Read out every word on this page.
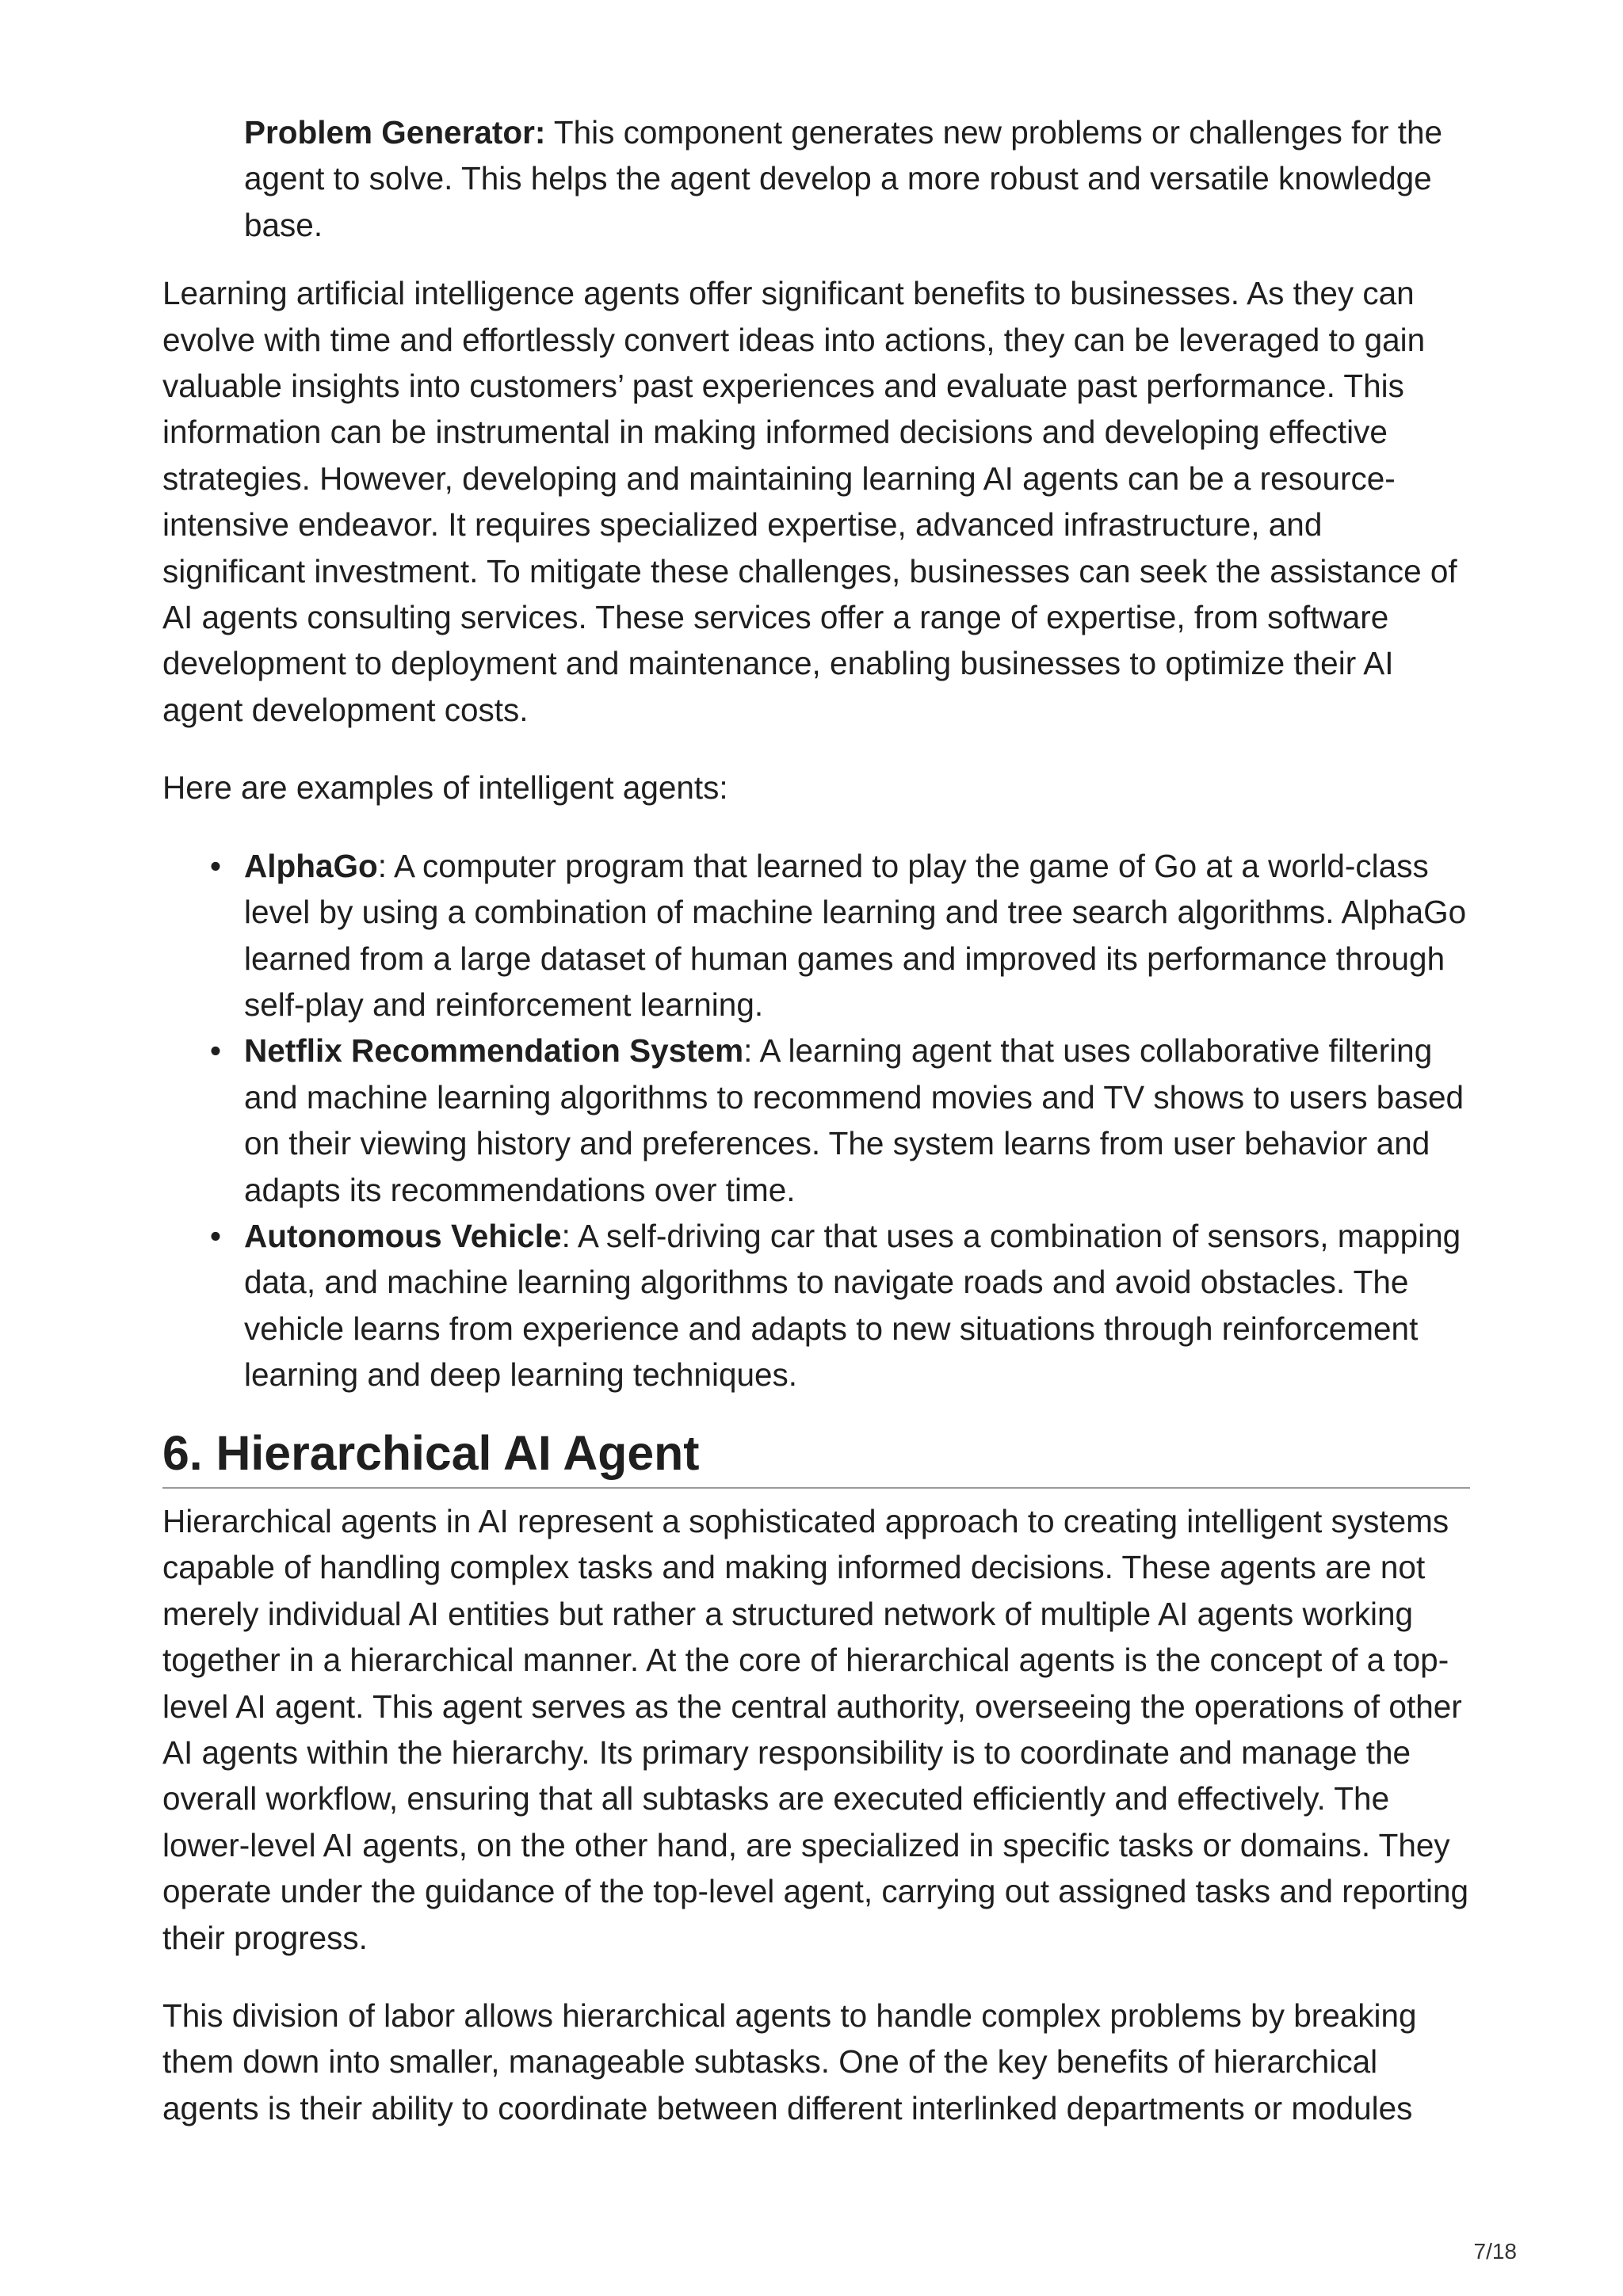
Problem Generator: This component generates new problems or challenges for the agent to solve. This helps the agent develop a more robust and versatile knowledge base.

Learning artificial intelligence agents offer significant benefits to businesses. As they can evolve with time and effortlessly convert ideas into actions, they can be leveraged to gain valuable insights into customers’ past experiences and evaluate past performance. This information can be instrumental in making informed decisions and developing effective strategies. However, developing and maintaining learning AI agents can be a resource-intensive endeavor. It requires specialized expertise, advanced infrastructure, and significant investment. To mitigate these challenges, businesses can seek the assistance of AI agents consulting services. These services offer a range of expertise, from software development to deployment and maintenance, enabling businesses to optimize their AI agent development costs.

Here are examples of intelligent agents:

• AlphaGo: A computer program that learned to play the game of Go at a world-class level by using a combination of machine learning and tree search algorithms. AlphaGo learned from a large dataset of human games and improved its performance through self-play and reinforcement learning.
• Netflix Recommendation System: A learning agent that uses collaborative filtering and machine learning algorithms to recommend movies and TV shows to users based on their viewing history and preferences. The system learns from user behavior and adapts its recommendations over time.
• Autonomous Vehicle: A self-driving car that uses a combination of sensors, mapping data, and machine learning algorithms to navigate roads and avoid obstacles. The vehicle learns from experience and adapts to new situations through reinforcement learning and deep learning techniques.
6. Hierarchical AI Agent

Hierarchical agents in AI represent a sophisticated approach to creating intelligent systems capable of handling complex tasks and making informed decisions. These agents are not merely individual AI entities but rather a structured network of multiple AI agents working together in a hierarchical manner. At the core of hierarchical agents is the concept of a top-level AI agent. This agent serves as the central authority, overseeing the operations of other AI agents within the hierarchy. Its primary responsibility is to coordinate and manage the overall workflow, ensuring that all subtasks are executed efficiently and effectively. The lower-level AI agents, on the other hand, are specialized in specific tasks or domains. They operate under the guidance of the top-level agent, carrying out assigned tasks and reporting their progress.

This division of labor allows hierarchical agents to handle complex problems by breaking them down into smaller, manageable subtasks. One of the key benefits of hierarchical agents is their ability to coordinate between different interlinked departments or modules

7/18
